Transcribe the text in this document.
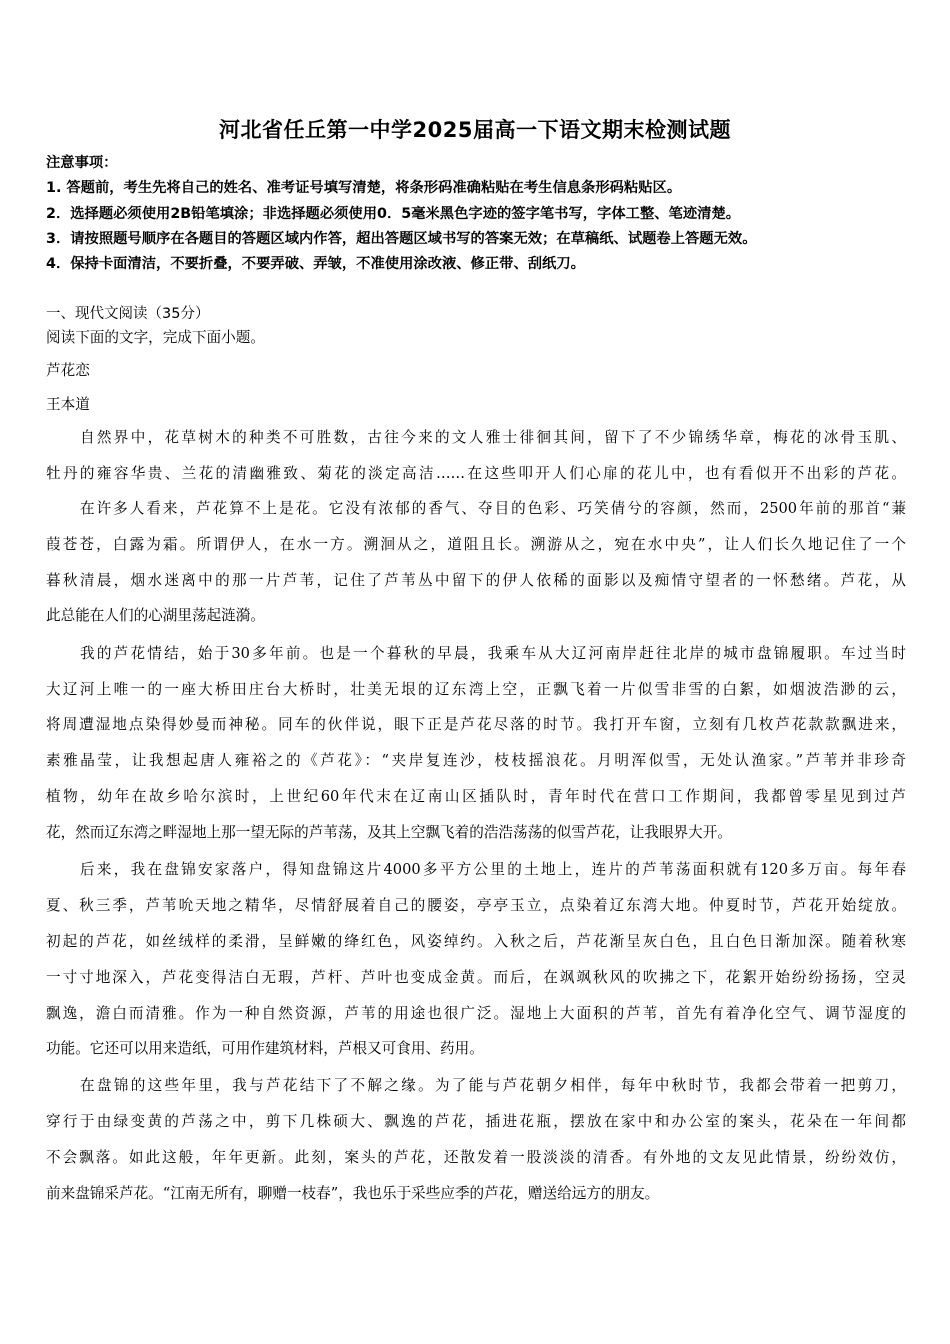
河北省任丘第一中学2025届高一下语文期末检测试题
注意事项：
1. 答题前，考生先将自己的姓名、准考证号填写清楚，将条形码准确粘贴在考生信息条形码粘贴区。
2．选择题必须使用2B铅笔填涂；非选择题必须使用0．5毫米黑色字迹的签字笔书写，字体工整、笔迹清楚。
3．请按照题号顺序在各题目的答题区域内作答，超出答题区域书写的答案无效；在草稿纸、试题卷上答题无效。
4．保持卡面清洁，不要折叠，不要弄破、弄皱，不准使用涂改液、修正带、刮纸刀。
一、现代文阅读（35分）
阅读下面的文字，完成下面小题。
芦花恋
王本道
自然界中，花草树木的种类不可胜数，古往今来的文人雅士徘徊其间，留下了不少锦绣华章，梅花的冰骨玉肌、
牡丹的雍容华贵、兰花的清幽雅致、菊花的淡定高洁……在这些叩开人们心扉的花儿中，也有看似开不出彩的芦花。
在许多人看来，芦花算不上是花。它没有浓郁的香气、夺目的色彩、巧笑倩兮的容颜，然而，2500年前的那首“蒹
葭苍苍，白露为霜。所谓伊人，在水一方。溯洄从之，道阻且长。溯游从之，宛在水中央”，让人们长久地记住了一个
暮秋清晨，烟水迷离中的那一片芦苇，记住了芦苇丛中留下的伊人依稀的面影以及痴情守望者的一怀愁绪。芦花，从
此总能在人们的心湖里荡起涟漪。
我的芦花情结，始于30多年前。也是一个暮秋的早晨，我乘车从大辽河南岸赶往北岸的城市盘锦履职。车过当时
大辽河上唯一的一座大桥田庄台大桥时，壮美无垠的辽东湾上空，正飘飞着一片似雪非雪的白絮，如烟波浩渺的云，
将周遭湿地点染得妙曼而神秘。同车的伙伴说，眼下正是芦花尽落的时节。我打开车窗，立刻有几枚芦花款款飘进来，
素雅晶莹，让我想起唐人雍裕之的《芦花》：“夹岸复连沙，枝枝摇浪花。月明浑似雪，无处认渔家。”芦苇并非珍奇
植物，幼年在故乡哈尔滨时，上世纪60年代末在辽南山区插队时，青年时代在营口工作期间，我都曾零星见到过芦
花，然而辽东湾之畔湿地上那一望无际的芦苇荡，及其上空飘飞着的浩浩荡荡的似雪芦花，让我眼界大开。
后来，我在盘锦安家落户，得知盘锦这片4000多平方公里的土地上，连片的芦苇荡面积就有120多万亩。每年春
夏、秋三季，芦苇吮天地之精华，尽情舒展着自己的腰姿，亭亭玉立，点染着辽东湾大地。仲夏时节，芦花开始绽放。
初起的芦花，如丝绒样的柔滑，呈鲜嫩的绛红色，风姿绰约。入秋之后，芦花渐呈灰白色，且白色日渐加深。随着秋寒
一寸寸地深入，芦花变得洁白无瑕，芦杆、芦叶也变成金黄。而后，在飒飒秋风的吹拂之下，花絮开始纷纷扬扬，空灵
飘逸，澹白而清雅。作为一种自然资源，芦苇的用途也很广泛。湿地上大面积的芦苇，首先有着净化空气、调节湿度的
功能。它还可以用来造纸，可用作建筑材料，芦根又可食用、药用。
在盘锦的这些年里，我与芦花结下了不解之缘。为了能与芦花朝夕相伴，每年中秋时节，我都会带着一把剪刀，
穿行于由绿变黄的芦荡之中，剪下几株硕大、飘逸的芦花，插进花瓶，摆放在家中和办公室的案头，花朵在一年间都
不会飘落。如此这般，年年更新。此刻，案头的芦花，还散发着一股淡淡的清香。有外地的文友见此情景，纷纷效仿，
前来盘锦采芦花。“江南无所有，聊赠一枝春”，我也乐于采些应季的芦花，赠送给远方的朋友。
